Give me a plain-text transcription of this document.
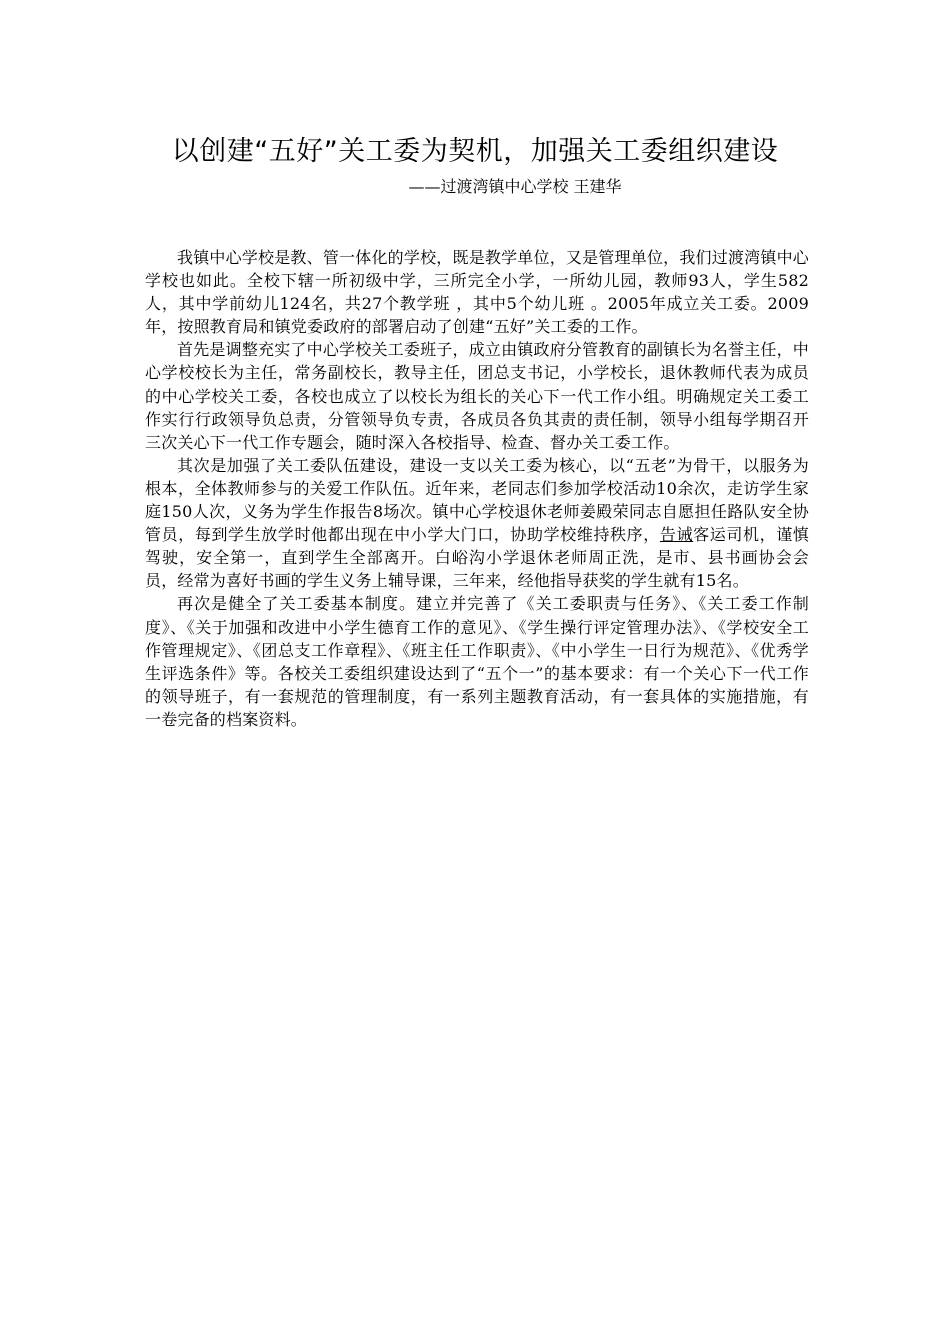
以创建“五好”关工委为契机，加强关工委组织建设

——过渡湾镇中心学校 王建华

我镇中心学校是教、管一体化的学校，既是教学单位，又是管理单位，我们过渡湾镇中心学校也如此。全校下辖一所初级中学，三所完全小学，一所幼儿园，教师93人，学生582人，其中学前幼儿124名，共27个教学班 ，其中5个幼儿班 。2005年成立关工委。2009年，按照教育局和镇党委政府的部署启动了创建“五好”关工委的工作。

首先是调整充实了中心学校关工委班子，成立由镇政府分管教育的副镇长为名誉主任，中心学校校长为主任，常务副校长，教导主任，团总支书记，小学校长，退休教师代表为成员的中心学校关工委，各校也成立了以校长为组长的关心下一代工作小组。明确规定关工委工作实行行政领导负总责，分管领导负专责，各成员各负其责的责任制，领导小组每学期召开三次关心下一代工作专题会，随时深入各校指导、检查、督办关工委工作。

其次是加强了关工委队伍建设，建设一支以关工委为核心，以“五老”为骨干，以服务为根本，全体教师参与的关爱工作队伍。近年来，老同志们参加学校活动10余次，走访学生家庭150人次，义务为学生作报告8场次。镇中心学校退休老师姜殿荣同志自愿担任路队安全协管员，每到学生放学时他都出现在中小学大门口，协助学校维持秩序，告诫客运司机，谨慎驾驶，安全第一，直到学生全部离开。白峪沟小学退休老师周正洗，是市、县书画协会会员，经常为喜好书画的学生义务上辅导课，三年来，经他指导获奖的学生就有15名。

再次是健全了关工委基本制度。建立并完善了《关工委职责与任务》、《关工委工作制度》、《关于加强和改进中小学生德育工作的意见》、《学生操行评定管理办法》、《学校安全工作管理规定》、《团总支工作章程》、《班主任工作职责》、《中小学生一日行为规范》、《优秀学生评选条件》等。各校关工委组织建设达到了“五个一”的基本要求：有一个关心下一代工作的领导班子，有一套规范的管理制度，有一系列主题教育活动，有一套具体的实施措施，有一卷完备的档案资料。
